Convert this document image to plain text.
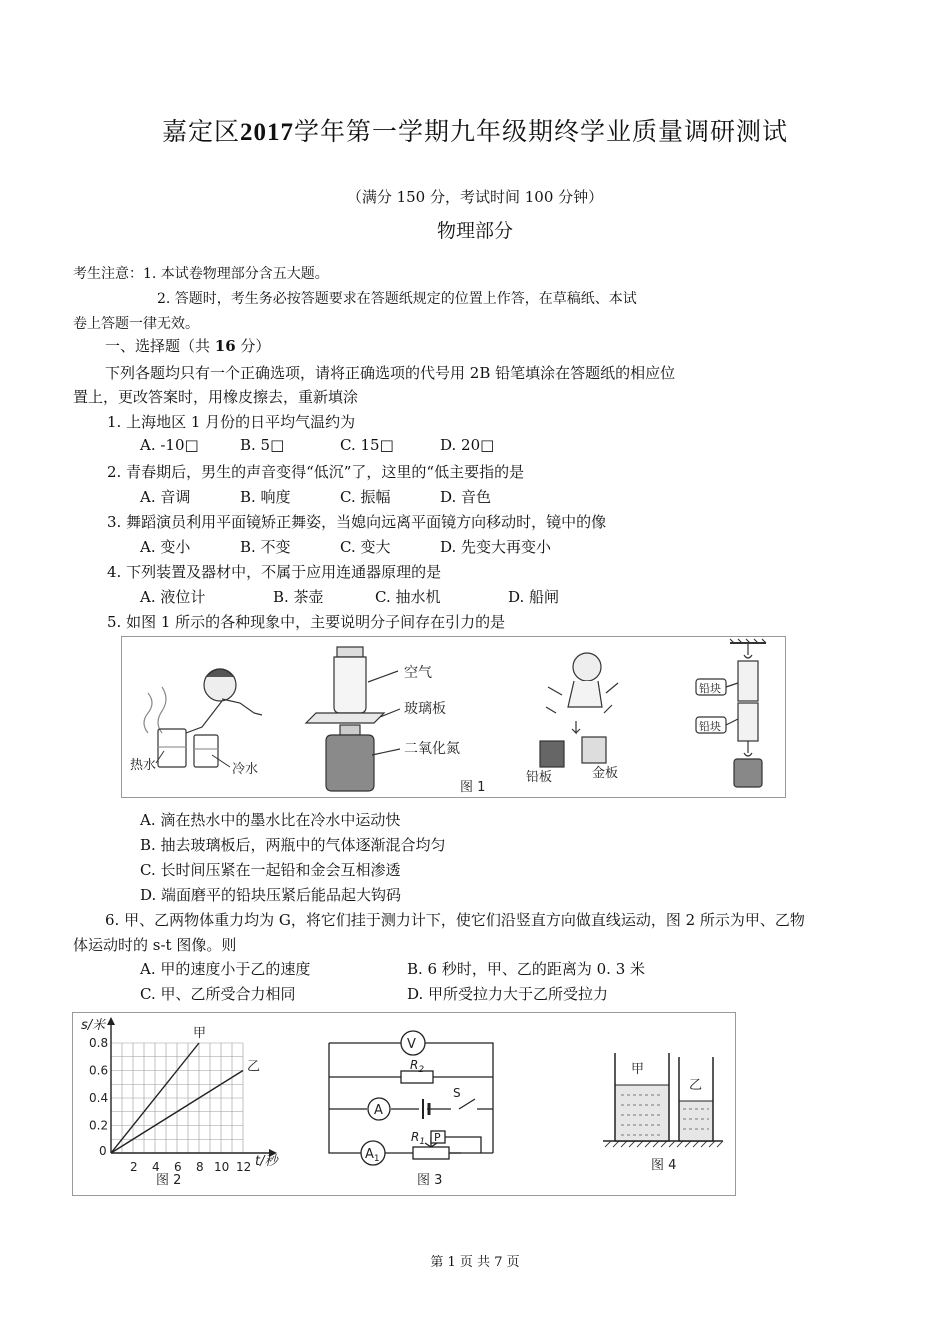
嘉定区2017学年第一学期九年级期终学业质量调研测试
（满分 150 分，考试时间 100 分钟）
物理部分
考生注意：1. 本试卷物理部分含五大题。
2. 答题时，考生务必按答题要求在答题纸规定的位置上作答，在草稿纸、本试
卷上答题一律无效。
一、选择题（共 16 分）
下列各题均只有一个正确选项，请将正确选项的代号用 2B 铅笔填涂在答题纸的相应位
置上，更改答案时，用橡皮擦去，重新填涂
1. 上海地区 1 月份的日平均气温约为
A. -10□	B. 5□	C. 15□	D. 20□
2. 青春期后，男生的声音变得“低沉”了，这里的“低主要指的是
A. 音调	B. 响度	C. 振幅	D. 音色
3. 舞蹈演员利用平面镜矫正舞姿，当媳向远离平面镜方向移动时，镜中的像
A. 变小	B. 不变	C. 变大	D. 先变大再变小
4. 下列装置及器材中，不属于应用连通器原理的是
A. 液位计	B. 茶壶	C. 抽水机	D. 船闸
5. 如图 1 所示的各种现象中，主要说明分子间存在引力的是
热水	冷水
空气
玻璃板
二氧化氮
铅板	金板
图 1
铅块
铅块
A. 滴在热水中的墨水比在冷水中运动快
B. 抽去玻璃板后，两瓶中的气体逐渐混合均匀
C. 长时间压紧在一起铅和金会互相渗透
D. 端面磨平的铅块压紧后能品起大钩码
6. 甲、乙两物体重力均为 G，将它们挂于测力计下，使它们沿竖直方向做直线运动，图 2 所示为甲、乙物
体运动时的 s-t 图像。则
A. 甲的速度小于乙的速度	B. 6 秒时，甲、乙的距离为 0. 3 米
C. 甲、乙所受合力相同	D. 甲所受拉力大于乙所受拉力
0.8
0.6
0.4
0.2
2 4 6 8 10 12
甲
乙
s/米
t/秒
0
图 2
V
$R_2$
A
S
$R_1$ P
$A_1$
图 3
甲
乙
图 4
第 1 页 共 7 页
